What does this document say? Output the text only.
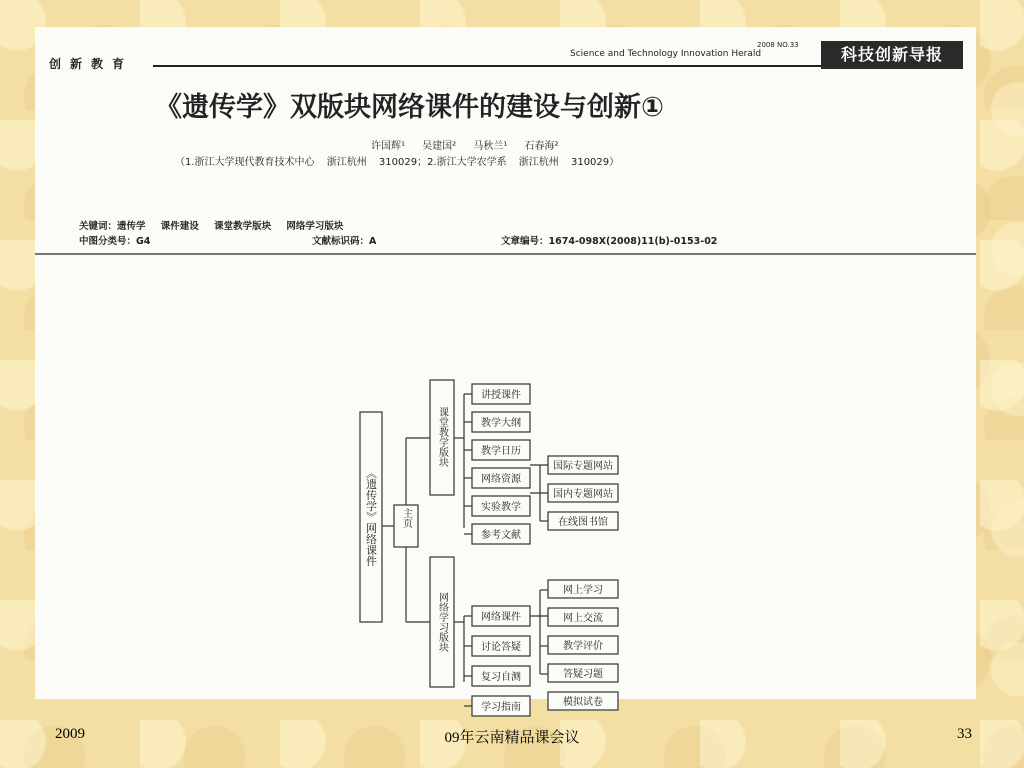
创新教育
2008 NO.33
Science and Technology Innovation Herald	科技创新导报
《遗传学》双版块网络课件的建设与创新①
许国辉¹ 吴建国² 马秋兰¹ 石春海²
（1.浙江大学现代教育技术中心 浙江杭州 310029；2.浙江大学农学系 浙江杭州 310029）
关键词：遗传学 课件建设 课堂教学版块 网络学习版块
中图分类号：G4	文献标识码：A	文章编号：1674-098X(2008)11(b)-0153-02
讲授课件
教学大纲
教学日历
网络资源
实验教学
参考文献
网络课件
讨论答疑
复习自测
学习指南
国际专题网站
国内专题网站
在线图书馆
网上学习
网上交流
教学评价
答疑习题
模拟试卷
《遗传学》网络课件 主页
课堂教学版块
网络学习版块
2009	09年云南精品课会议	33
